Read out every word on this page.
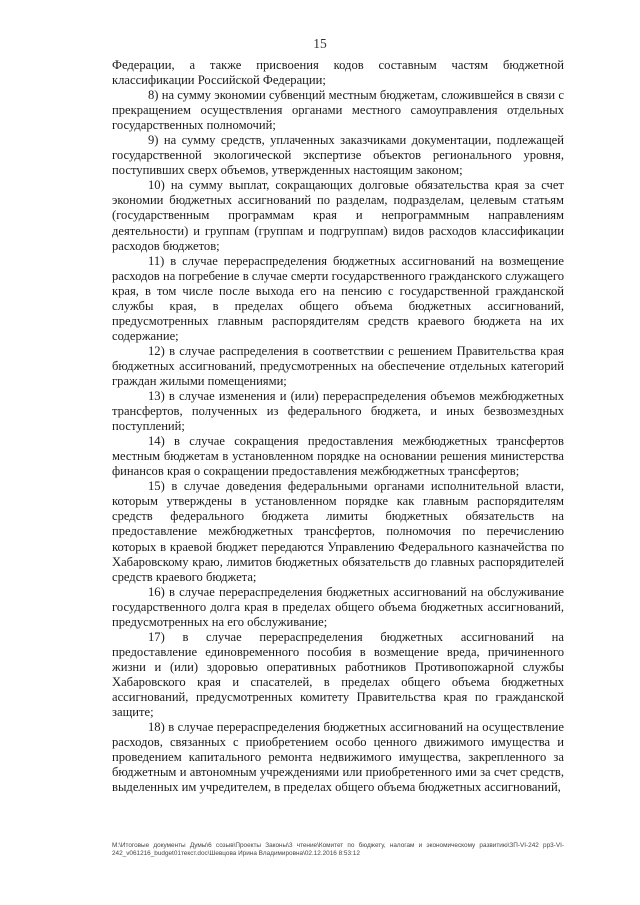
15

Федерации, а также присвоения кодов составным частям бюджетной классификации Российской Федерации;

8) на сумму экономии субвенций местным бюджетам, сложившейся в связи с прекращением осуществления органами местного самоуправления отдельных государственных полномочий;

9) на сумму средств, уплаченных заказчиками документации, подлежащей государственной экологической экспертизе объектов регионального уровня, поступивших сверх объемов, утвержденных настоящим законом;

10) на сумму выплат, сокращающих долговые обязательства края за счет экономии бюджетных ассигнований по разделам, подразделам, целевым статьям (государственным программам края и непрограммным направлениям деятельности) и группам (группам и подгруппам) видов расходов классификации расходов бюджетов;

11) в случае перераспределения бюджетных ассигнований на возмещение расходов на погребение в случае смерти государственного гражданского служащего края, в том числе после выхода его на пенсию с государственной гражданской службы края, в пределах общего объема бюджетных ассигнований, предусмотренных главным распорядителям средств краевого бюджета на их содержание;

12) в случае распределения в соответствии с решением Правительства края бюджетных ассигнований, предусмотренных на обеспечение отдельных категорий граждан жилыми помещениями;

13) в случае изменения и (или) перераспределения объемов межбюджетных трансфертов, полученных из федерального бюджета, и иных безвозмездных поступлений;

14) в случае сокращения предоставления межбюджетных трансфертов местным бюджетам в установленном порядке на основании решения министерства финансов края о сокращении предоставления межбюджетных трансфертов;

15) в случае доведения федеральными органами исполнительной власти, которым утверждены в установленном порядке как главным распорядителям средств федерального бюджета лимиты бюджетных обязательств на предоставление межбюджетных трансфертов, полномочия по перечислению которых в краевой бюджет передаются Управлению Федерального казначейства по Хабаровскому краю, лимитов бюджетных обязательств до главных распорядителей средств краевого бюджета;

16) в случае перераспределения бюджетных ассигнований на обслуживание государственного долга края в пределах общего объема бюджетных ассигнований, предусмотренных на его обслуживание;

17) в случае перераспределения бюджетных ассигнований на предоставление единовременного пособия в возмещение вреда, причиненного жизни и (или) здоровью оперативных работников Противопожарной службы Хабаровского края и спасателей, в пределах общего объема бюджетных ассигнований, предусмотренных комитету Правительства края по гражданской защите;

18) в случае перераспределения бюджетных ассигнований на осуществление расходов, связанных с приобретением особо ценного движимого имущества и проведением капитального ремонта недвижимого имущества, закрепленного за бюджетным и автономным учреждениями или приобретенного ими за счет средств, выделенных им учредителем, в пределах общего объема бюджетных ассигнований,

М:\Итоговые документы Думы\6 созыв\Проекты Законы\3 чтение\Комитет по бюджету, налогам и экономическому развитию\ЗП-VI-242 рр3-VI-242_v061216_budget01текст.doc\Шевцова Ирина Владимировна\02.12.2016 8:53:12
